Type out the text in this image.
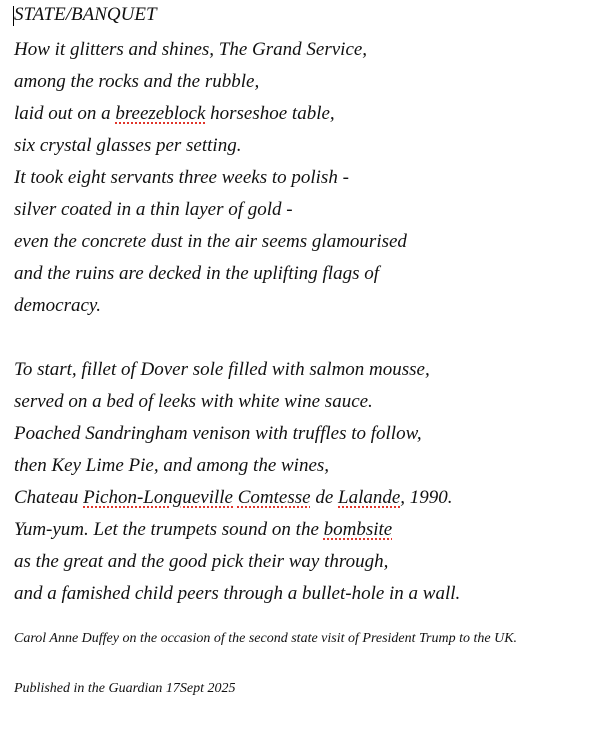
STATE/BANQUET
How it glitters and shines, The Grand Service,
among the rocks and the rubble,
laid out on a breezeblock horseshoe table,
six crystal glasses per setting.
It took eight servants three weeks to polish -
silver coated in a thin layer of gold -
even the concrete dust in the air seems glamourised
and the ruins are decked in the uplifting flags of
democracy.
To start, fillet of Dover sole filled with salmon mousse,
served on a bed of leeks with white wine sauce.
Poached Sandringham venison with truffles to follow,
then Key Lime Pie, and among the wines,
Chateau Pichon-Longueville Comtesse de Lalande, 1990.
Yum-yum. Let the trumpets sound on the bombsite
as the great and the good pick their way through,
and a famished child peers through a bullet-hole in a wall.
Carol Anne Duffey on the occasion of the second state visit of President Trump to the UK.
Published in the Guardian 17Sept 2025
